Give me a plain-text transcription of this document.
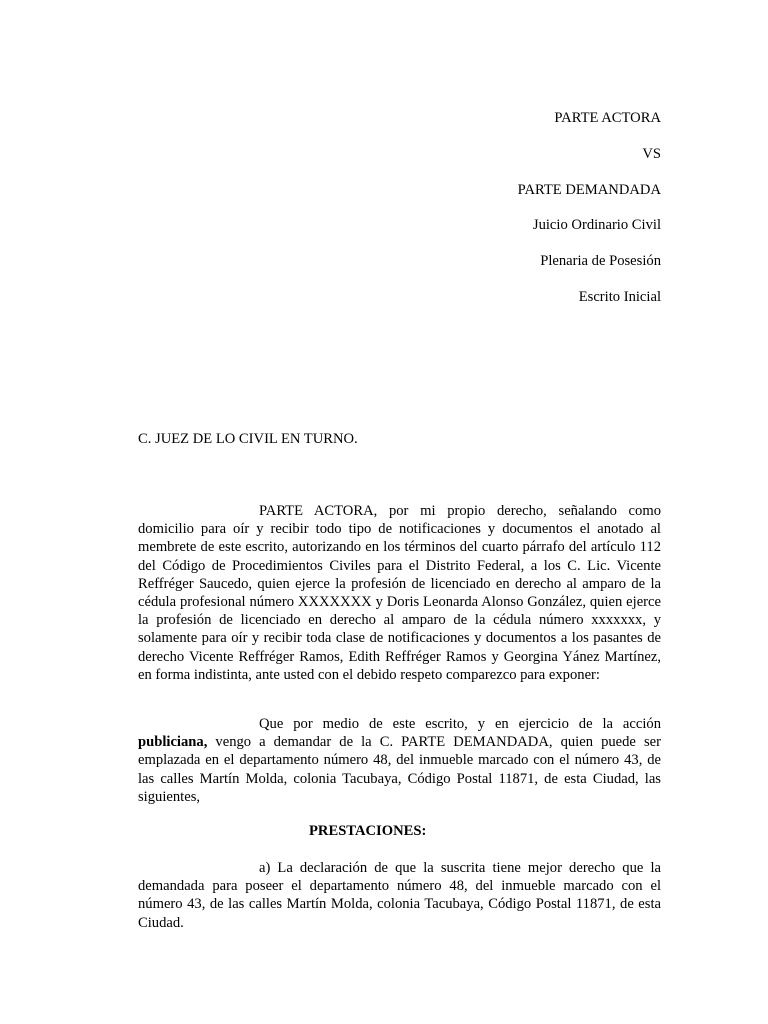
PARTE ACTORA
VS
PARTE DEMANDADA
Juicio Ordinario Civil
Plenaria de Posesión
Escrito Inicial
C. JUEZ DE LO CIVIL EN TURNO.

PARTE ACTORA, por mi propio derecho, señalando como domicilio para oír y recibir todo tipo de notificaciones y documentos el anotado al membrete de este escrito, autorizando en los términos del cuarto párrafo del artículo 112 del Código de Procedimientos Civiles para el Distrito Federal, a los C. Lic. Vicente Reffréger Saucedo, quien ejerce la profesión de licenciado en derecho al amparo de la cédula profesional número XXXXXXX y Doris Leonarda Alonso González, quien ejerce la profesión de licenciado en derecho al amparo de la cédula número xxxxxxx, y solamente para oír y recibir toda clase de notificaciones y documentos a los pasantes de derecho Vicente Reffréger Ramos, Edith Reffréger Ramos y Georgina Yánez Martínez, en forma indistinta, ante usted con el debido respeto comparezco para exponer:

Que por medio de este escrito, y en ejercicio de la acción publiciana, vengo a demandar de la C. PARTE DEMANDADA, quien puede ser emplazada en el departamento número 48, del inmueble marcado con el número 43, de las calles Martín Molda, colonia Tacubaya, Código Postal 11871, de esta Ciudad, las siguientes,

PRESTACIONES:

a) La declaración de que la suscrita tiene mejor derecho que la demandada para poseer el departamento número 48, del inmueble marcado con el número 43, de las calles Martín Molda, colonia Tacubaya, Código Postal 11871, de esta Ciudad.
